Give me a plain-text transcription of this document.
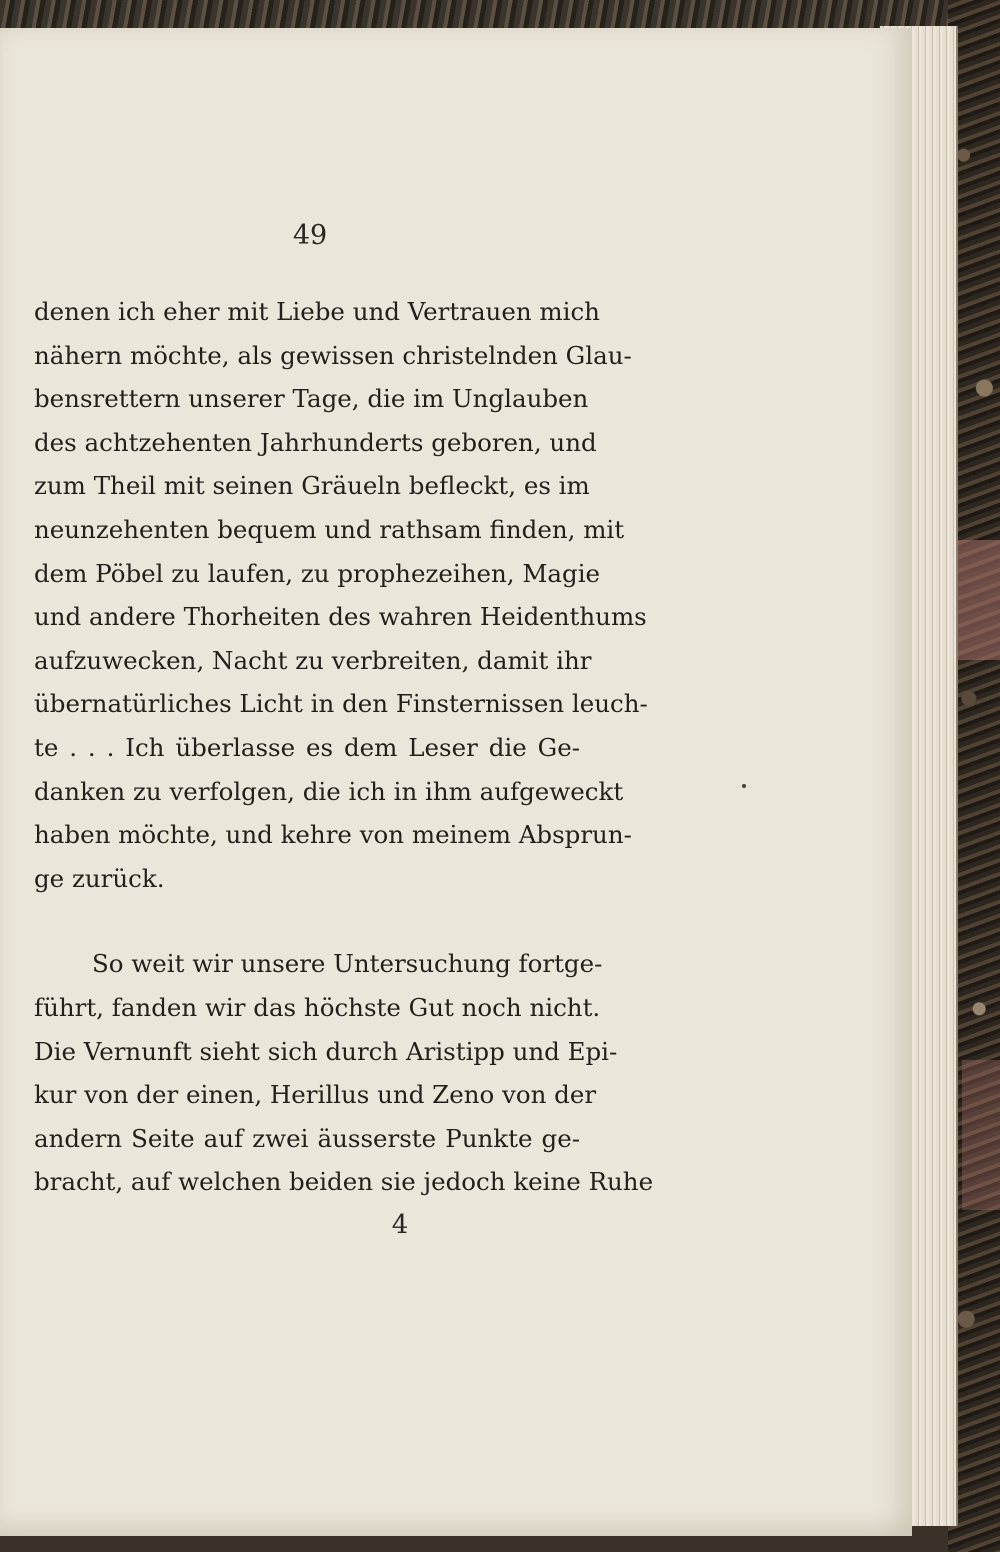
49

denen ich eher mit Liebe und Vertrauen mich
nähern möchte, als gewissen christelnden Glau-
bensrettern unserer Tage, die im Unglauben
des achtzehenten Jahrhunderts geboren, und
zum Theil mit seinen Gräueln befleckt, es im
neunzehenten bequem und rathsam finden, mit
dem Pöbel zu laufen, zu prophezeihen, Magie
und andere Thorheiten des wahren Heidenthums
aufzuwecken, Nacht zu verbreiten, damit ihr
übernatürliches Licht in den Finsternissen leuch-
te . . . Ich überlasse es dem Leser die Ge-
danken zu verfolgen, die ich in ihm aufgeweckt
haben möchte, und kehre von meinem Absprun-
ge zurück.
So weit wir unsere Untersuchung fortge-
führt, fanden wir das höchste Gut noch nicht.
Die Vernunft sieht sich durch Aristipp und Epi-
kur von der einen, Herillus und Zeno von der
andern Seite auf zwei äusserste Punkte ge-
bracht, auf welchen beiden sie jedoch keine Ruhe

4
